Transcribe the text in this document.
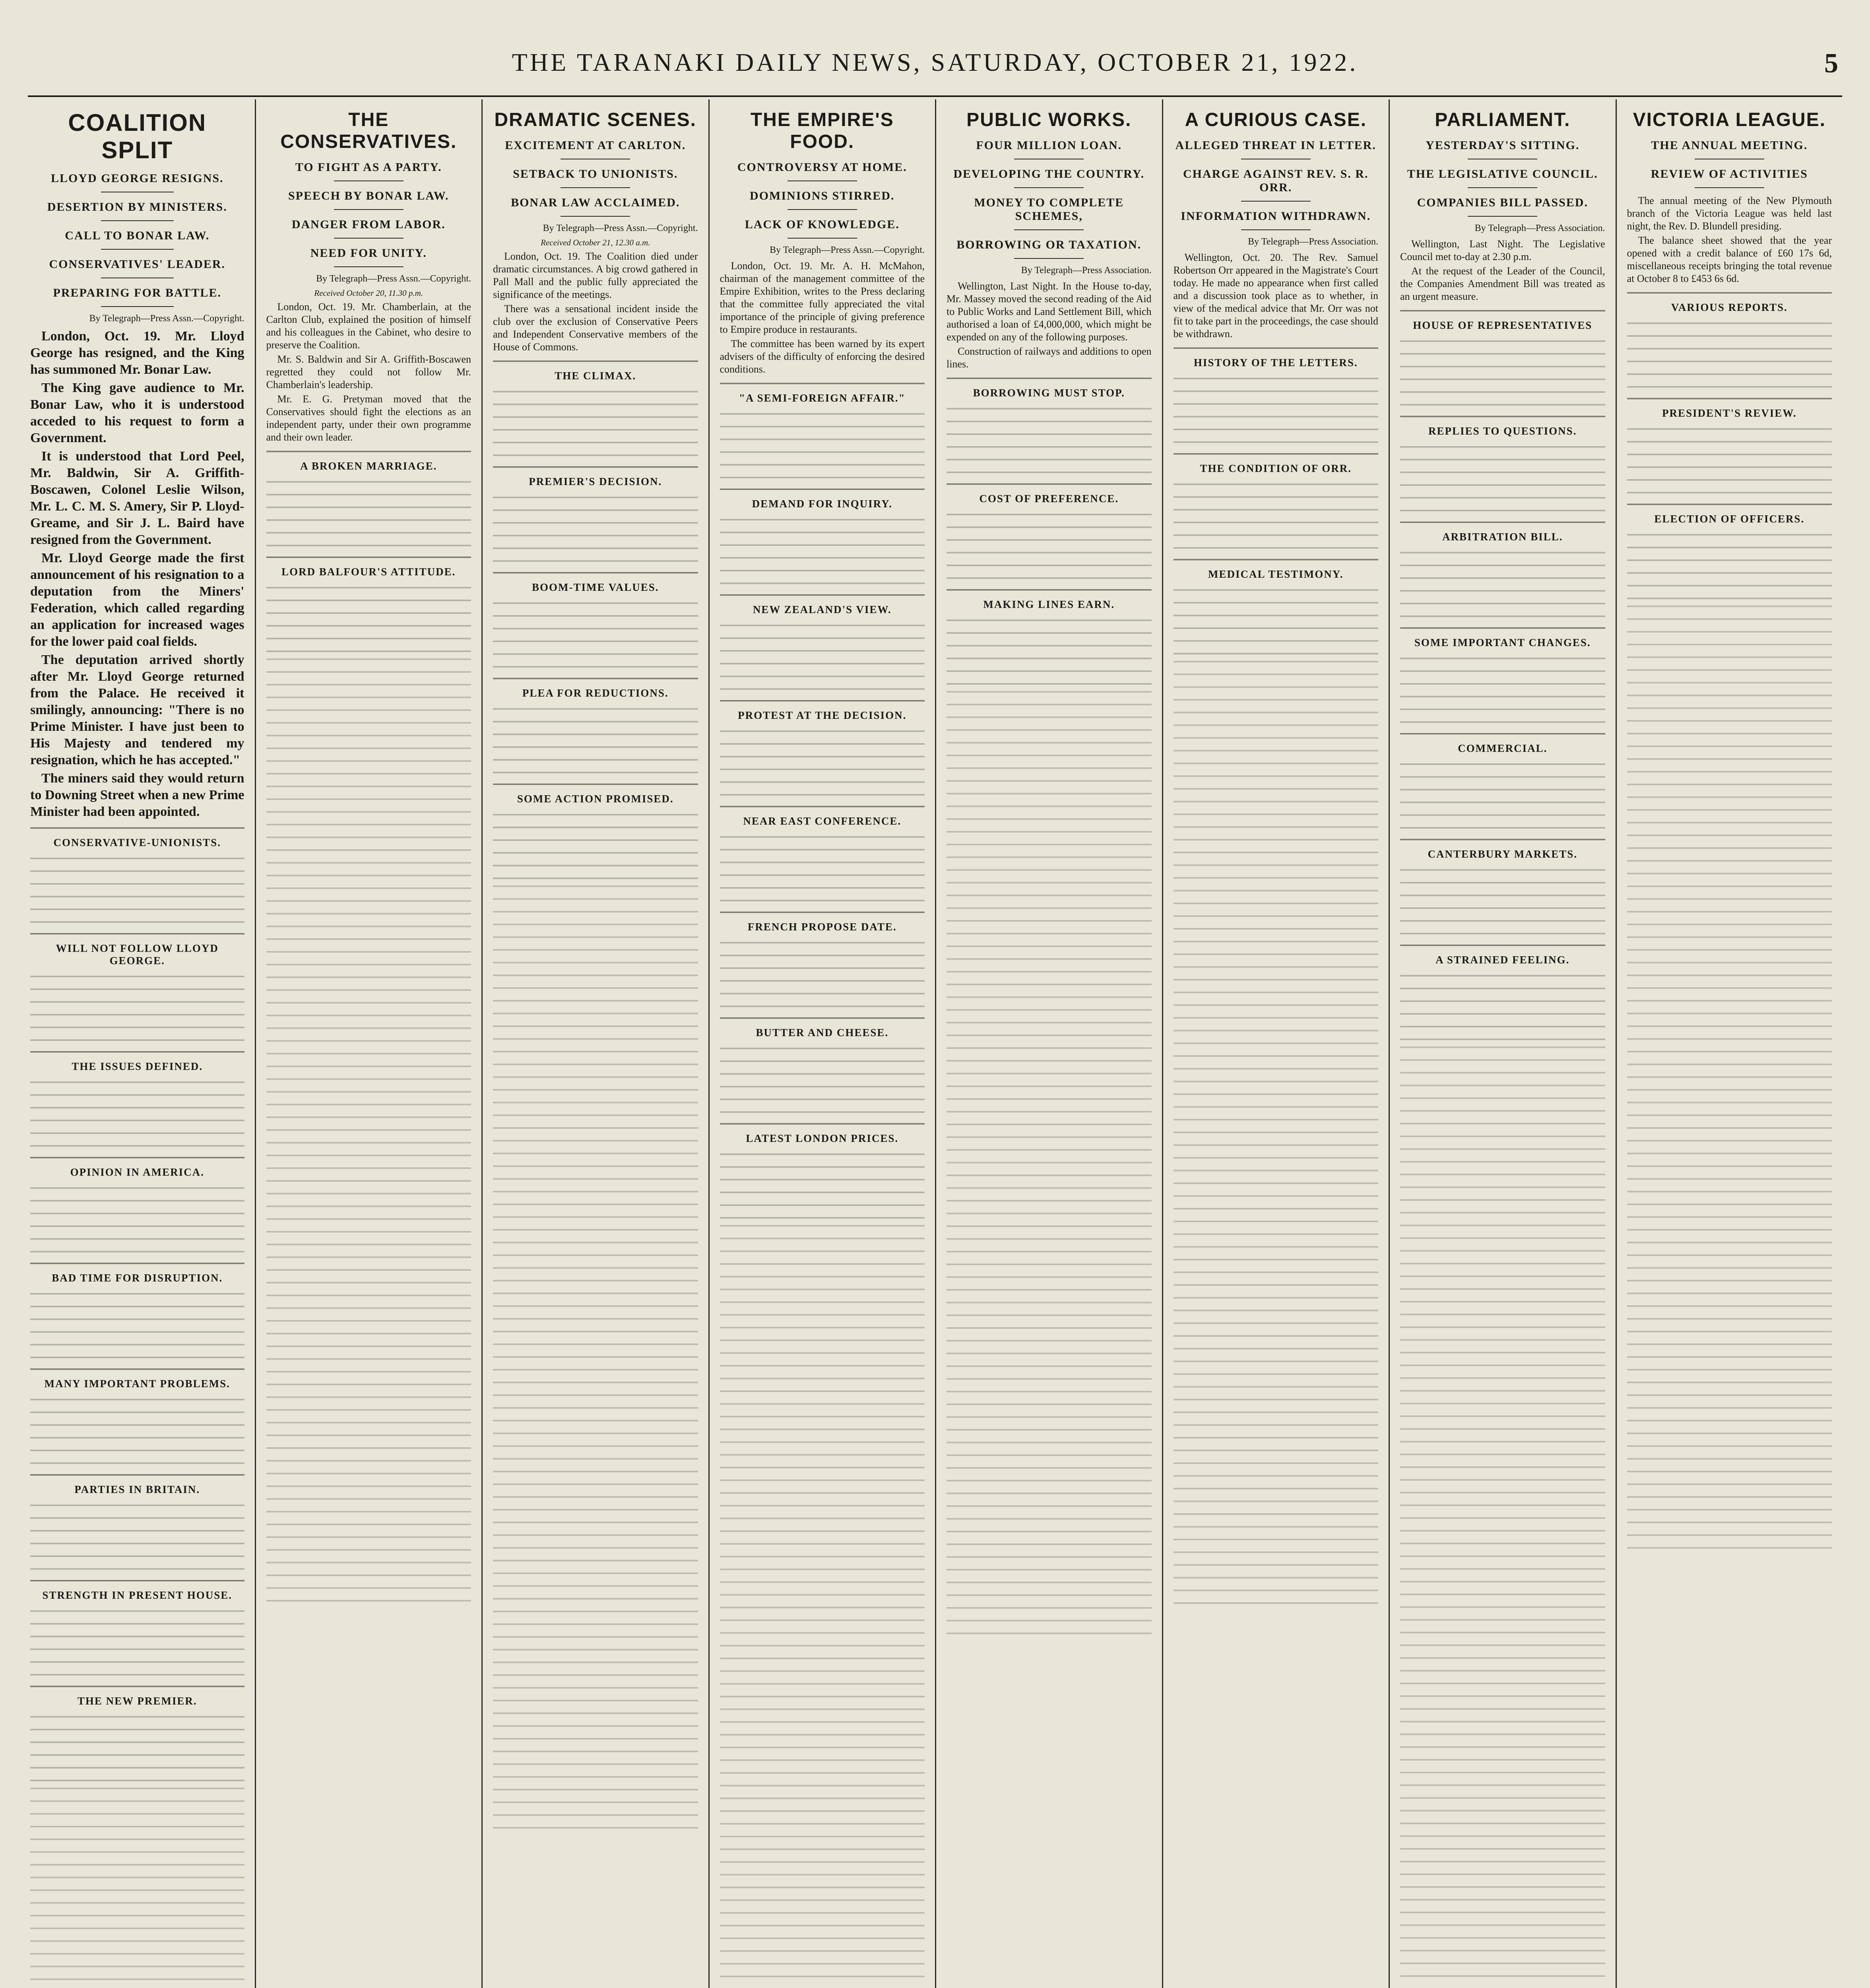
THE TARANAKI DAILY NEWS, SATURDAY, OCTOBER 21, 1922.	5
COALITION SPLIT
LLOYD GEORGE RESIGNS.
DESERTION BY MINISTERS.
CALL TO BONAR LAW.
CONSERVATIVES' LEADER.
PREPARING FOR BATTLE.
By Telegraph—Press Assn.—Copyright.

London, Oct. 19. Mr. Lloyd George has resigned, and the King has summoned Mr. Bonar Law.

The King gave audience to Mr. Bonar Law, who it is understood acceded to his request to form a Government.

It is understood that Lord Peel, Mr. Baldwin, Sir A. Griffith-Boscawen, Colonel Leslie Wilson, Mr. L. C. M. S. Amery, Sir P. Lloyd-Greame, and Sir J. L. Baird have resigned from the Government.

Mr. Lloyd George made the first announcement of his resignation to a deputation from the Miners' Federation, which called regarding an application for increased wages for the lower paid coal fields.

The deputation arrived shortly after Mr. Lloyd George returned from the Palace. He received it smilingly, announcing: "There is no Prime Minister. I have just been to His Majesty and tendered my resignation, which he has accepted."

The miners said they would return to Downing Street when a new Prime Minister had been appointed.

CONSERVATIVE-UNIONISTS.
WILL NOT FOLLOW LLOYD GEORGE.
THE ISSUES DEFINED.
OPINION IN AMERICA.
BAD TIME FOR DISRUPTION.
MANY IMPORTANT PROBLEMS.
PARTIES IN BRITAIN.
STRENGTH IN PRESENT HOUSE.
THE NEW PREMIER.
THE CONSERVATIVES.
TO FIGHT AS A PARTY.
SPEECH BY BONAR LAW.
DANGER FROM LABOR.
NEED FOR UNITY.
By Telegraph—Press Assn.—Copyright.
Received October 20, 11.30 p.m.

London, Oct. 19. Mr. Chamberlain, at the Carlton Club, explained the position of himself and his colleagues in the Cabinet, who desire to preserve the Coalition.

Mr. S. Baldwin and Sir A. Griffith-Boscawen regretted they could not follow Mr. Chamberlain's leadership.

Mr. E. G. Pretyman moved that the Conservatives should fight the elections as an independent party, under their own programme and their own leader.

A BROKEN MARRIAGE.
LORD BALFOUR'S ATTITUDE.
DRAMATIC SCENES.
EXCITEMENT AT CARLTON.
SETBACK TO UNIONISTS.
BONAR LAW ACCLAIMED.
By Telegraph—Press Assn.—Copyright.
Received October 21, 12.30 a.m.

London, Oct. 19. The Coalition died under dramatic circumstances. A big crowd gathered in Pall Mall and the public fully appreciated the significance of the meetings.

There was a sensational incident inside the club over the exclusion of Conservative Peers and Independent Conservative members of the House of Commons.

THE CLIMAX.
PREMIER'S DECISION.
BOOM-TIME VALUES.
PLEA FOR REDUCTIONS.
SOME ACTION PROMISED.
THE EMPIRE'S FOOD.
CONTROVERSY AT HOME.
DOMINIONS STIRRED.
LACK OF KNOWLEDGE.
By Telegraph—Press Assn.—Copyright.

London, Oct. 19. Mr. A. H. McMahon, chairman of the management committee of the Empire Exhibition, writes to the Press declaring that the committee fully appreciated the vital importance of the principle of giving preference to Empire produce in restaurants.

The committee has been warned by its expert advisers of the difficulty of enforcing the desired conditions.

"A SEMI-FOREIGN AFFAIR."
DEMAND FOR INQUIRY.
NEW ZEALAND'S VIEW.
PROTEST AT THE DECISION.
NEAR EAST CONFERENCE.
FRENCH PROPOSE DATE.
BUTTER AND CHEESE.
LATEST LONDON PRICES.
PUBLIC WORKS.
FOUR MILLION LOAN.
DEVELOPING THE COUNTRY.
MONEY TO COMPLETE SCHEMES,
BORROWING OR TAXATION.
By Telegraph—Press Association.

Wellington, Last Night. In the House to-day, Mr. Massey moved the second reading of the Aid to Public Works and Land Settlement Bill, which authorised a loan of £4,000,000, which might be expended on any of the following purposes.

Construction of railways and additions to open lines.

BORROWING MUST STOP.
COST OF PREFERENCE.
MAKING LINES EARN.
A CURIOUS CASE.
ALLEGED THREAT IN LETTER.
CHARGE AGAINST REV. S. R. ORR.
INFORMATION WITHDRAWN.
By Telegraph—Press Association.

Wellington, Oct. 20. The Rev. Samuel Robertson Orr appeared in the Magistrate's Court today. He made no appearance when first called and a discussion took place as to whether, in view of the medical advice that Mr. Orr was not fit to take part in the proceedings, the case should be withdrawn.

HISTORY OF THE LETTERS.
THE CONDITION OF ORR.
MEDICAL TESTIMONY.
PARLIAMENT.
YESTERDAY'S SITTING.
THE LEGISLATIVE COUNCIL.
COMPANIES BILL PASSED.
By Telegraph—Press Association.

Wellington, Last Night. The Legislative Council met to-day at 2.30 p.m.

At the request of the Leader of the Council, the Companies Amendment Bill was treated as an urgent measure.

HOUSE OF REPRESENTATIVES
REPLIES TO QUESTIONS.
ARBITRATION BILL.
SOME IMPORTANT CHANGES.
COMMERCIAL.
CANTERBURY MARKETS.
A STRAINED FEELING.
VICTORIA LEAGUE.
THE ANNUAL MEETING.
REVIEW OF ACTIVITIES

The annual meeting of the New Plymouth branch of the Victoria League was held last night, the Rev. D. Blundell presiding.

The balance sheet showed that the year opened with a credit balance of £60 17s 6d, miscellaneous receipts bringing the total revenue at October 8 to £453 6s 6d.

VARIOUS REPORTS.
PRESIDENT'S REVIEW.
ELECTION OF OFFICERS.
